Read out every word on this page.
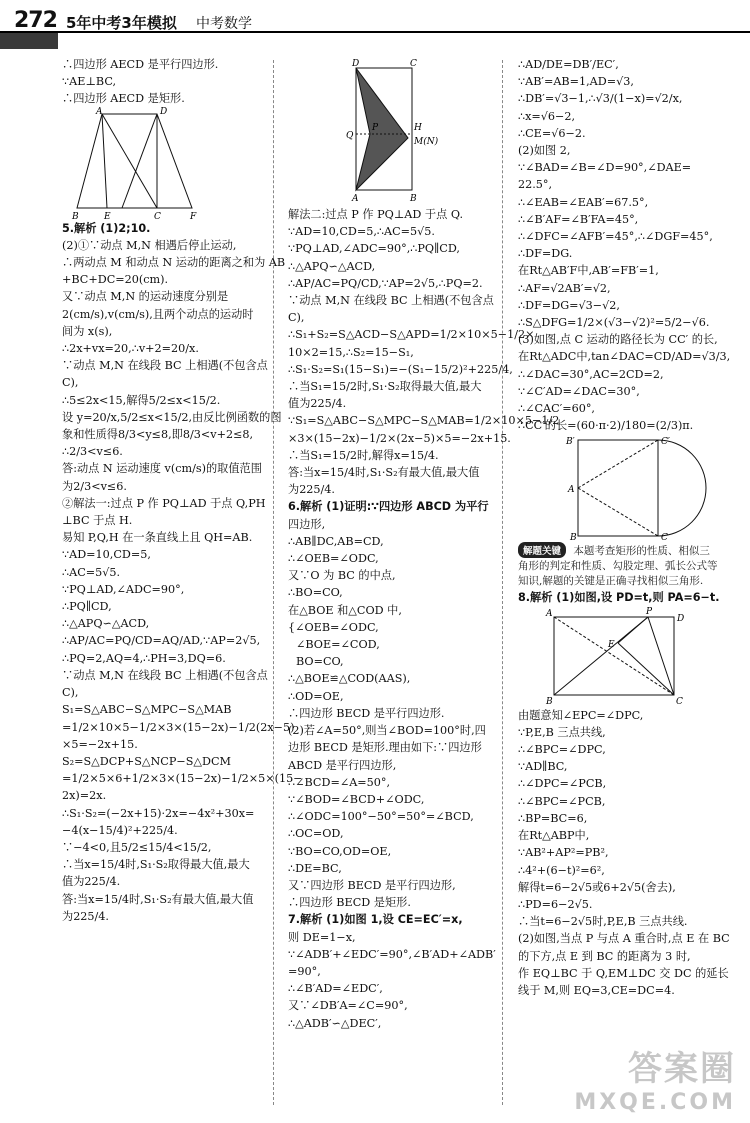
272 5年中考3年模拟 中考数学

∴四边形 AECD 是平行四边形.

∵AE⊥BC,

∴四边形 AECD 是矩形.

A	D
B	E	C	F

5.解析 (1)2;10.

(2)①∵动点 M,N 相遇后停止运动,

∴两动点 M 和动点 N 运动的距离之和为 AB

+BC+DC=20(cm).

又∵动点 M,N 的运动速度分别是

2(cm/s),v(cm/s),且两个动点的运动时

间为 x(s),

∴2x+vx=20,∴v+2=20/x.

∵动点 M,N 在线段 BC 上相遇(不包含点

C),

∴5≤2x<15,解得5/2≤x<15/2.

设 y=20/x,5/2≤x<15/2,由反比例函数的图

象和性质得8/3<y≤8,即8/3<v+2≤8,

∴2/3<v≤6.

答:动点 N 运动速度 v(cm/s)的取值范围

为2/3<v≤6.

②解法一:过点 P 作 PQ⊥AD 于点 Q,PH

⊥BC 于点 H.

易知 P,Q,H 在一条直线上且 QH=AB.

∵AD=10,CD=5,

∴AC=5√5.

∵PQ⊥AD,∠ADC=90°,

∴PQ∥CD,

∴△APQ∽△ACD,

∴AP/AC=PQ/CD=AQ/AD,∵AP=2√5,

∴PQ=2,AQ=4,∴PH=3,DQ=6.

∵动点 M,N 在线段 BC 上相遇(不包含点

C),

S₁=S△ABC−S△MPC−S△MAB

=1/2×10×5−1/2×3×(15−2x)−1/2(2x−5)

×5=−2x+15.

S₂=S△DCP+S△NCP−S△DCM

=1/2×5×6+1/2×3×(15−2x)−1/2×5×(15−

2x)=2x.

∴S₁·S₂=(−2x+15)·2x=−4x²+30x=

−4(x−15/4)²+225/4.

∵−4<0,且5/2≤15/4<15/2,

∴当x=15/4时,S₁·S₂取得最大值,最大

值为225/4.

答:当x=15/4时,S₁·S₂有最大值,最大值

为225/4.

D	C
Q
P	H
M(N)
A	B

解法二:过点 P 作 PQ⊥AD 于点 Q.

∵AD=10,CD=5,∴AC=5√5.

∵PQ⊥AD,∠ADC=90°,∴PQ∥CD,

∴△APQ∽△ACD,

∴AP/AC=PQ/CD,∵AP=2√5,∴PQ=2.

∵动点 M,N 在线段 BC 上相遇(不包含点

C),

∴S₁+S₂=S△ACD−S△APD=1/2×10×5−1/2×

10×2=15,∴S₂=15−S₁,

∴S₁·S₂=S₁(15−S₁)=−(S₁−15/2)²+225/4,

∴当S₁=15/2时,S₁·S₂取得最大值,最大

值为225/4.

∵S₁=S△ABC−S△MPC−S△MAB=1/2×10×5−1/2

×3×(15−2x)−1/2×(2x−5)×5=−2x+15.

∴当S₁=15/2时,解得x=15/4.

答:当x=15/4时,S₁·S₂有最大值,最大值

为225/4.

6.解析 (1)证明:∵四边形 ABCD 为平行

四边形,

∴AB∥DC,AB=CD,

∴∠OEB=∠ODC,

又∵O 为 BC 的中点,

∴BO=CO,

在△BOE 和△COD 中,

{∠OEB=∠ODC,

∠BOE=∠COD,

BO=CO,

∴△BOE≌△COD(AAS),

∴OD=OE,

∴四边形 BECD 是平行四边形.

(2)若∠A=50°,则当∠BOD=100°时,四

边形 BECD 是矩形.理由如下:∵四边形

ABCD 是平行四边形,

∴∠BCD=∠A=50°,

∵∠BOD=∠BCD+∠ODC,

∴∠ODC=100°−50°=50°=∠BCD,

∴OC=OD,

∵BO=CO,OD=OE,

∴DE=BC,

又∵四边形 BECD 是平行四边形,

∴四边形 BECD 是矩形.

7.解析 (1)如图 1,设 CE=EC′=x,

则 DE=1−x,

∵∠ADB′+∠EDC′=90°,∠B′AD+∠ADB′

=90°,

∴∠B′AD=∠EDC′,

又∵∠DB′A=∠C=90°,

∴△ADB′∽△DEC′,

∴AD/DE=DB′/EC′,

∵AB′=AB=1,AD=√3,

∴DB′=√3−1,∴√3/(1−x)=√2/x,

∴x=√6−2,

∴CE=√6−2.

(2)如图 2,

∵∠BAD=∠B=∠D=90°,∠DAE=

22.5°,

∴∠EAB=∠EAB′=67.5°,

∴∠B′AF=∠B′FA=45°,

∴∠DFC=∠AFB′=45°,∴∠DGF=45°,

∴DF=DG.

在Rt△AB′F中,AB′=FB′=1,

∴AF=√2AB′=√2,

∴DF=DG=√3−√2,

∴S△DFG=1/2×(√3−√2)²=5/2−√6.

(3)如图,点 C 运动的路径长为 CC′ 的长,

在Rt△ADC中,tan∠DAC=CD/AD=√3/3,

∴∠DAC=30°,AC=2CD=2,

∵∠C′AD=∠DAC=30°,

∴∠CAC′=60°,

∴CC′的长=(60·π·2)/180=(2/3)π.

B′	C′
A
C
B

解题关键 本题考查矩形的性质、相似三角形的判定和性质、勾股定理、弧长公式等知识,解题的关键是正确寻找相似三角形.

8.解析 (1)如图,设 PD=t,则 PA=6−t.

A	P
D
E
B	C

由题意知∠EPC=∠DPC,

∵P,E,B 三点共线,

∴∠BPC=∠DPC,

∵AD∥BC,

∴∠DPC=∠PCB,

∴∠BPC=∠PCB,

∴BP=BC=6,

在Rt△ABP中,

∵AB²+AP²=PB²,

∴4²+(6−t)²=6²,

解得t=6−2√5或6+2√5(舍去),

∴PD=6−2√5.

∴当t=6−2√5时,P,E,B 三点共线.

(2)如图,当点 P 与点 A 重合时,点 E 在 BC

的下方,点 E 到 BC 的距离为 3 时,

作 EQ⊥BC 于 Q,EM⊥DC 交 DC 的延长

线于 M,则 EQ=3,CE=DC=4.

答案圈
MXQE.COM
